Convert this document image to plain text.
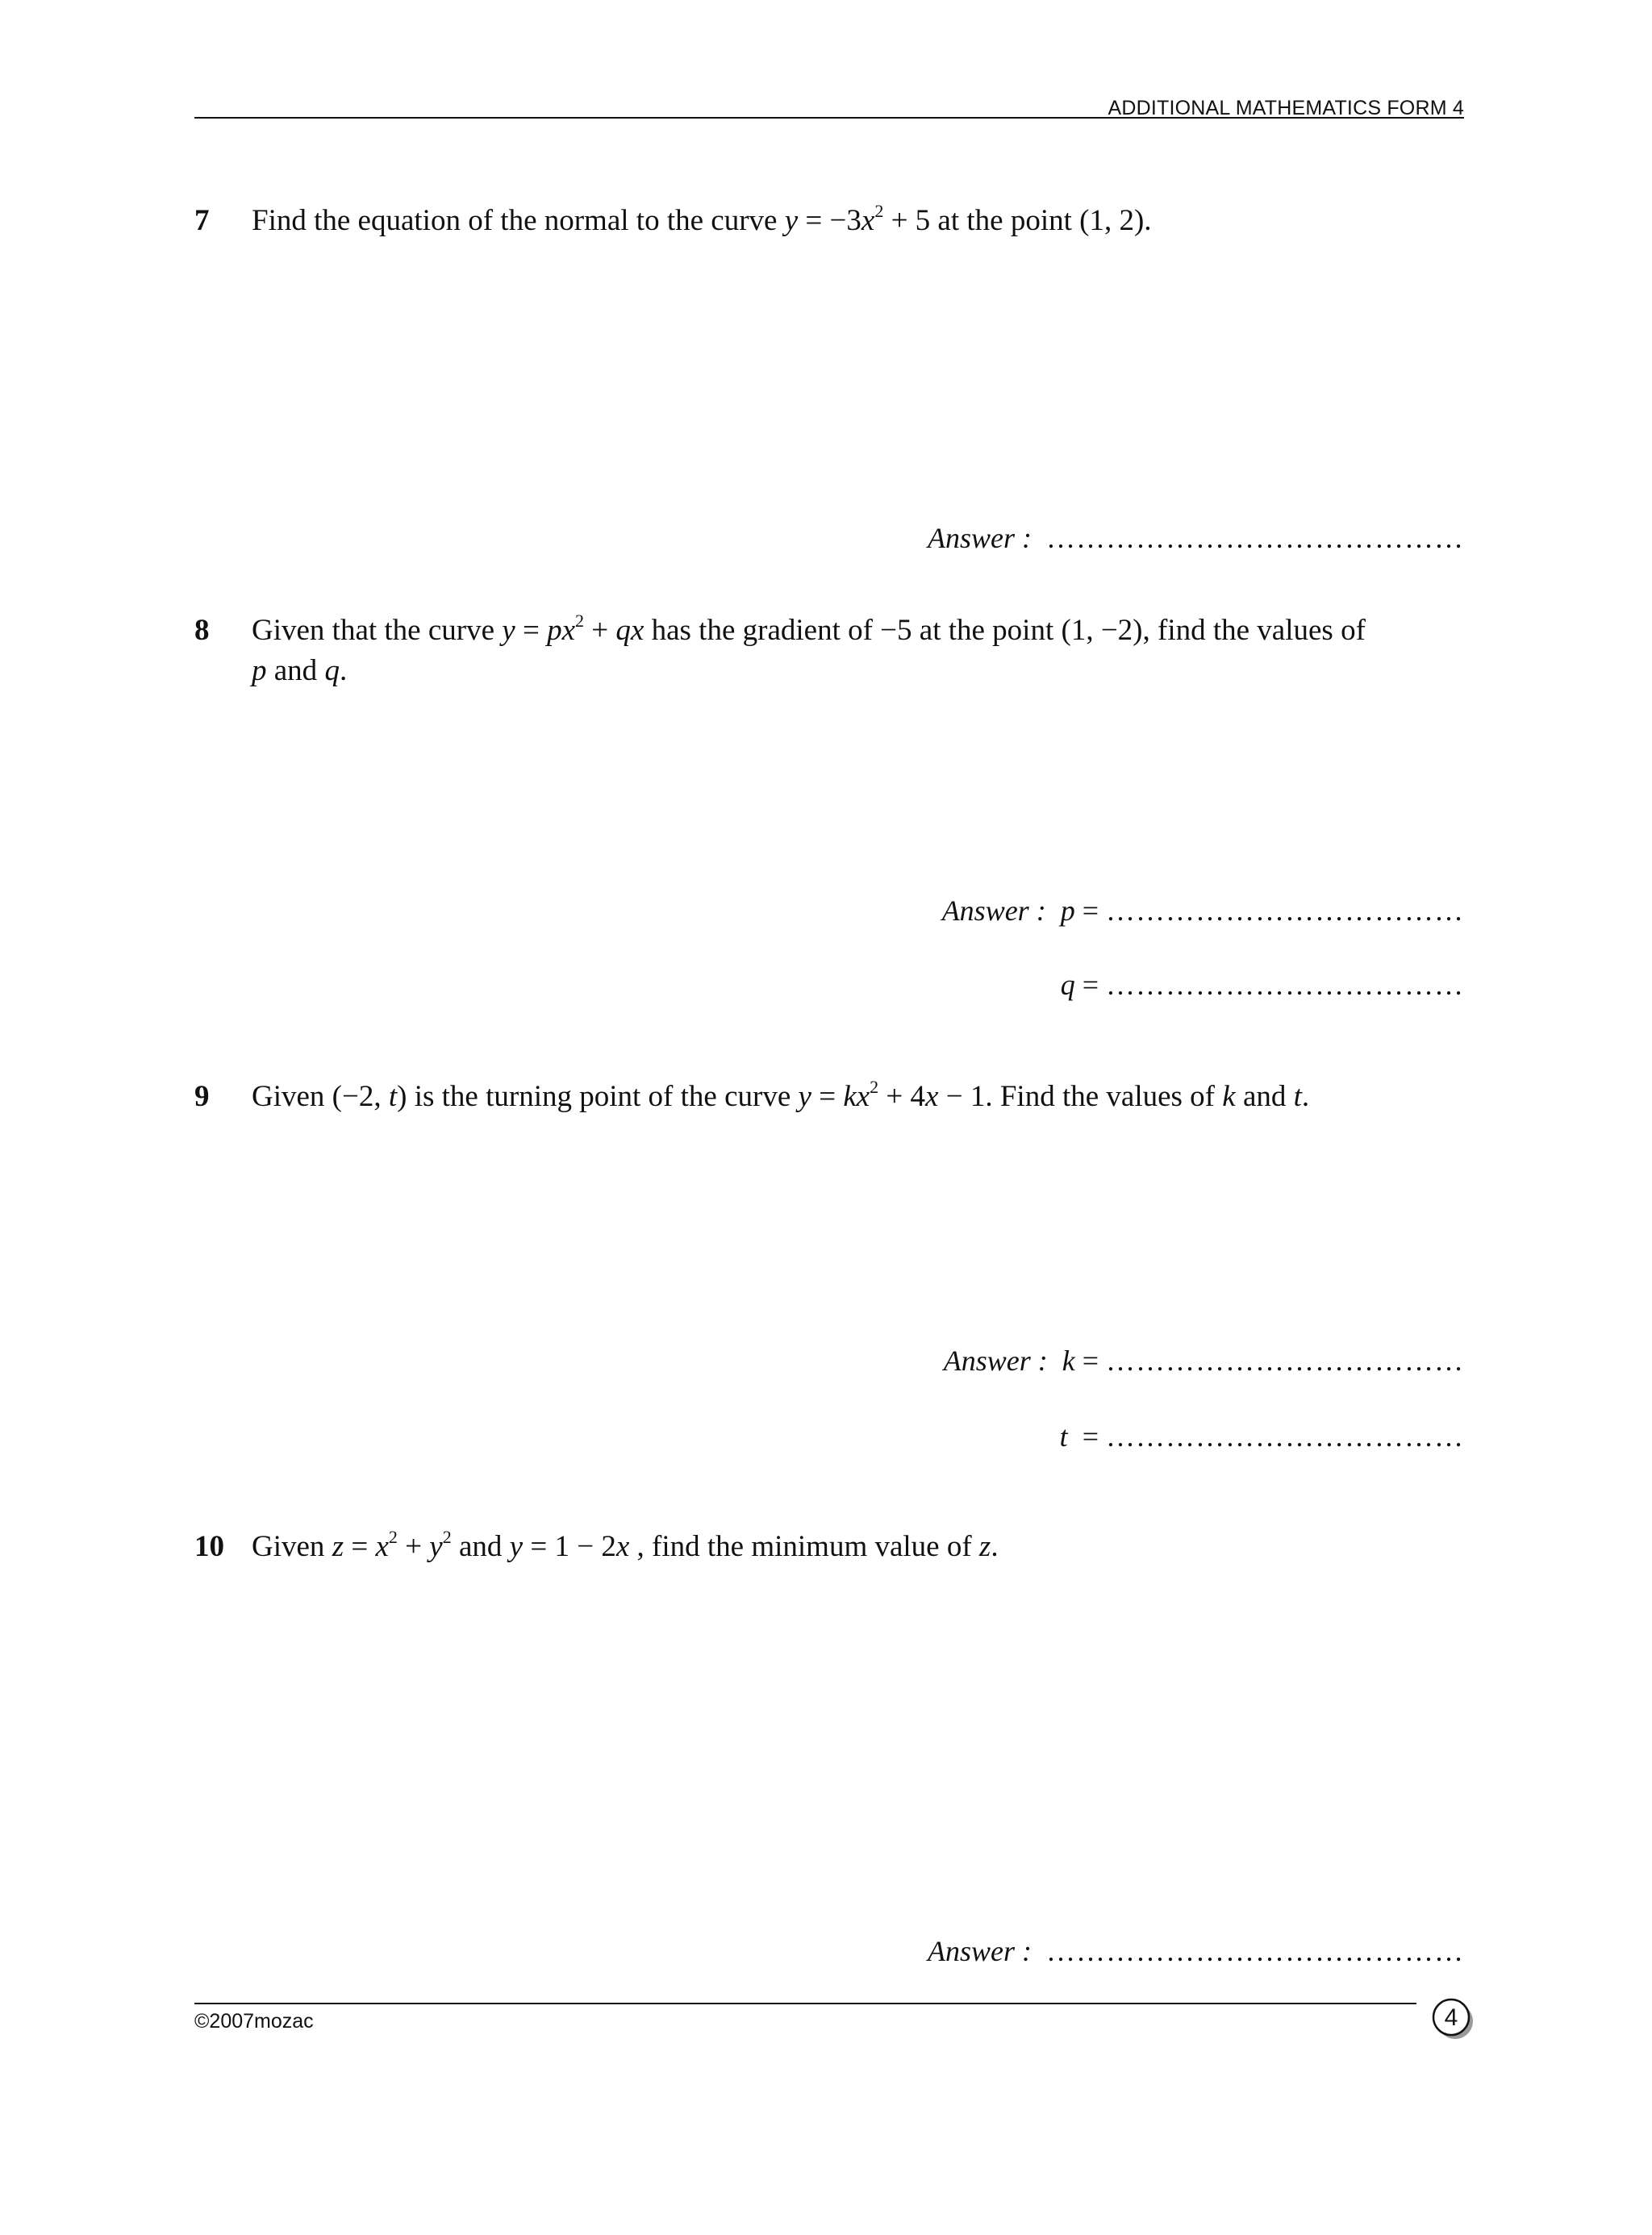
ADDITIONAL MATHEMATICS FORM 4
7 Find the equation of the normal to the curve $y = -3x^2 + 5$ at the point (1, 2).
Answer : ……………………………………
8 Given that the curve $y = px^2$ + qx has the gradient of −5 at the point (1, −2), find the values of
p and q.
Answer : p = ………………………………
q = ………………………………
9 Given (−2, t) is the turning point of the curve $y = kx^2 + 4x - 1$. Find the values of k and t.
Answer : k = ………………………………
t = ………………………………
10 Given $z = x^2 + y^2$ and y = 1 − 2x , find the minimum value of z.
Answer : ……………………………………
©2007mozac	4
